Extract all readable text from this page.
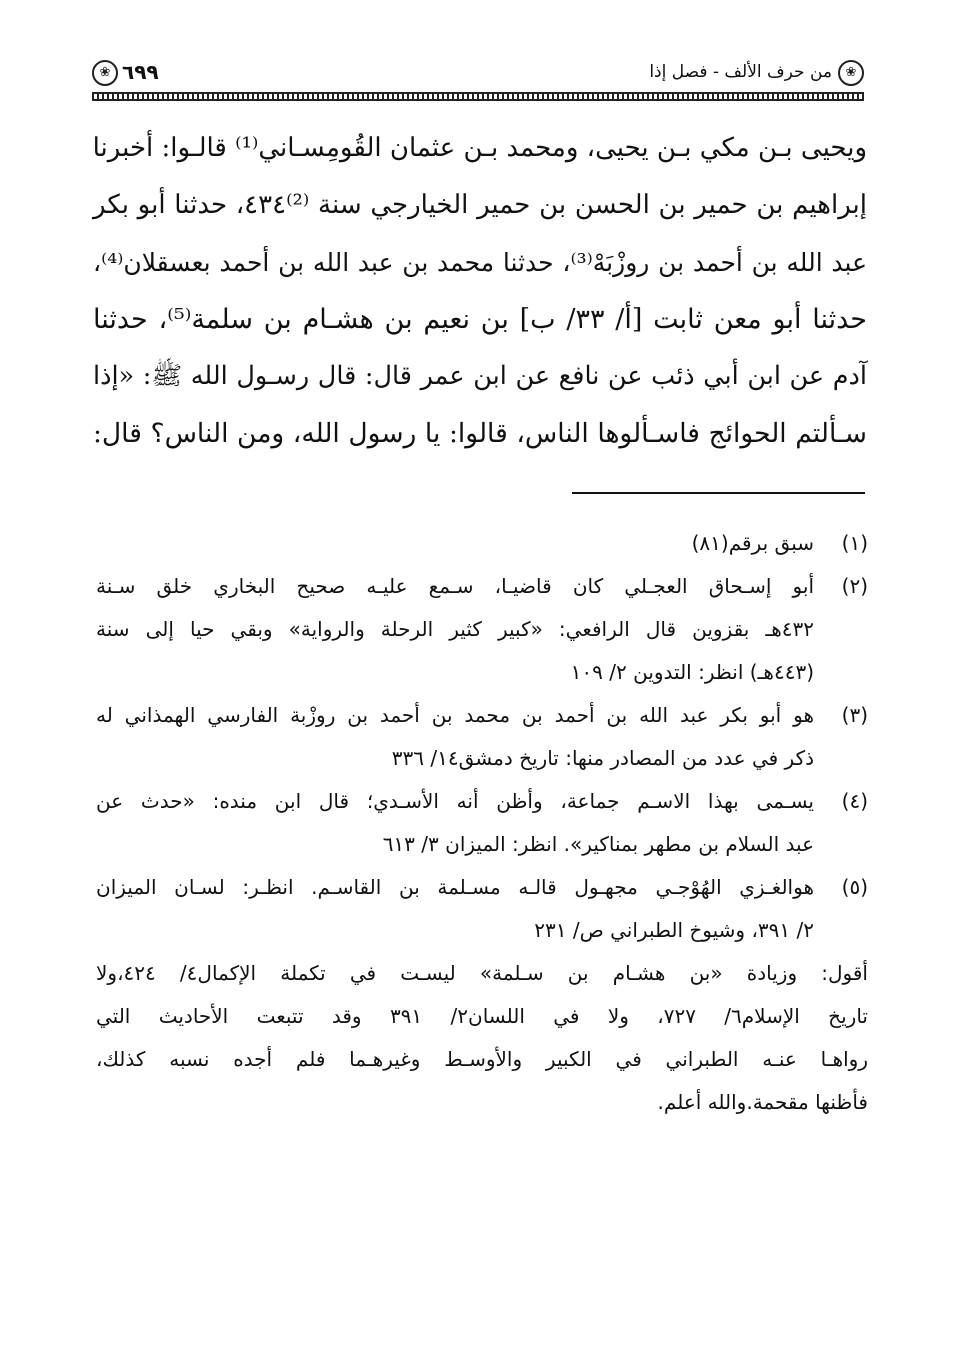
❀
من حرف الألف - فصل إذا
٦٩٩
❀
ويحيى بـن مكي بـن يحيى، ومحمد بـن عثمان القُومِسـاني⁽¹⁾ قالـوا: أخبرنا
إبراهيم بن حمير بن الحسن بن حمير الخيارجي سنة ⁽²⁾٤٣٤، حدثنا أبو بكر
عبد الله بن أحمد بن روزْبَهْ⁽³⁾، حدثنا محمد بن عبد الله بن أحمد بعسقلان⁽⁴⁾،
حدثنا أبو معن ثابت [أ/ ٣٣/ ب] بن نعيم بن هشـام بن سلمة⁽⁵⁾، حدثنا
آدم عن ابن أبي ذئب عن نافع عن ابن عمر قال: قال رسـول الله ﷺ: «إذا
سـألتم الحوائج فاسـألوها الناس، قالوا: يا رسول الله، ومن الناس؟ قال:
(١)
سبق برقم(٨١)
(٢)
أبو إسـحاق العجـلي كان قاضيـا، سـمع عليـه صحيح البخاري خلق سـنة
٤٣٢هـ بقزوين قال الرافعي: «كبير كثير الرحلة والرواية» وبقي حيا إلى سنة
(٤٤٣هـ) انظر: التدوين ٢/ ١٠٩
(٣)
هو أبو بكر عبد الله بن أحمد بن محمد بن أحمد بن روزْبة الفارسي الهمذاني له
ذكر في عدد من المصادر منها: تاريخ دمشق١٤/ ٣٣٦
(٤)
يسـمى بهذا الاسـم جماعة، وأظن أنه الأسـدي؛ قال ابن منده: «حدث عن
عبد السلام بن مطهر بمناكير». انظر: الميزان ٣/ ٦١٣
(٥)
هوالغـزي الهُوْجـي مجهـول قالـه مسـلمة بن القاسـم. انظـر: لسـان الميزان
٢/ ٣٩١، وشيوخ الطبراني ص/ ٢٣١
أقول: وزيادة «بن هشـام بن سـلمة» ليسـت في تكملة الإكمال٤/ ٤٢٤،ولا
تاريخ الإسلام٦/ ٧٢٧، ولا في اللسان٢/ ٣٩١ وقد تتبعت الأحاديث التي
رواهـا عنـه الطبراني في الكبير والأوسـط وغيرهـما فلم أجده نسبه كذلك،
فأظنها مقحمة.والله أعلم.
